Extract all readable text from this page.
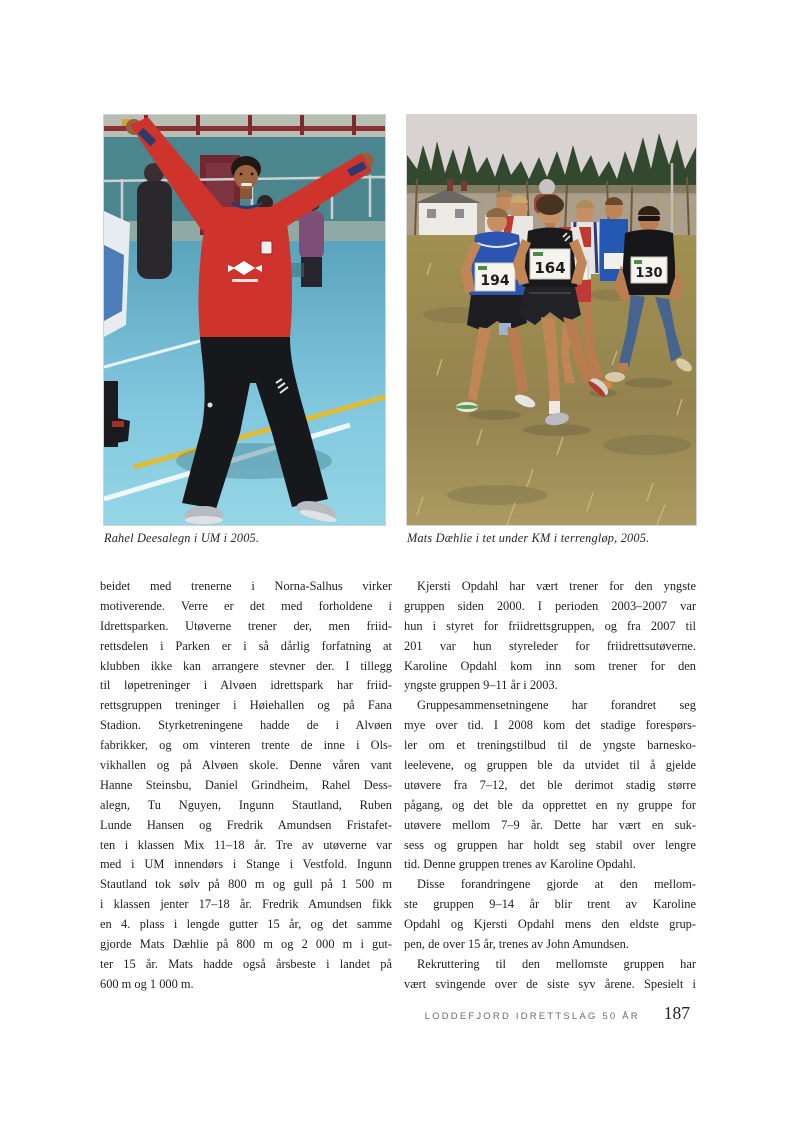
194	130
164
Rahel Deesalegn i UM i 2005.	Mats Dæhlie i tet under KM i terrengløp, 2005.
beidet med trenerne i Norna-Salhus virker
motiverende. Verre er det med forholdene i
Idrettsparken. Utøverne trener der, men friid-
rettsdelen i Parken er i så dårlig forfatning at
klubben ikke kan arrangere stevner der. I tillegg
til løpetreninger i Alvøen idrettspark har friid-
rettsgruppen treninger i Høiehallen og på Fana
Stadion. Styrketreningene hadde de i Alvøen
fabrikker, og om vinteren trente de inne i Ols-
vikhallen og på Alvøen skole. Denne våren vant
Hanne Steinsbu, Daniel Grindheim, Rahel Dess-
alegn, Tu Nguyen, Ingunn Stautland, Ruben
Lunde Hansen og Fredrik Amundsen Fristafet-
ten i klassen Mix 11–18 år. Tre av utøverne var
med i UM innendørs i Stange i Vestfold. Ingunn
Stautland tok sølv på 800 m og gull på 1 500 m
i klassen jenter 17–18 år. Fredrik Amundsen fikk
en 4. plass i lengde gutter 15 år, og det samme
gjorde Mats Dæhlie på 800 m og 2 000 m i gut-
ter 15 år. Mats hadde også årsbeste i landet på
600 m og 1 000 m.
Kjersti Opdahl har vært trener for den yngste
gruppen siden 2000. I perioden 2003–2007 var
hun i styret for friidrettsgruppen, og fra 2007 til
201 var hun styreleder for friidrettsutøverne.
Karoline Opdahl kom inn som trener for den
yngste gruppen 9–11 år i 2003.
Gruppesammensetningene har forandret seg
mye over tid. I 2008 kom det stadige forespørs-
ler om et treningstilbud til de yngste barnesko-
leelevene, og gruppen ble da utvidet til å gjelde
utøvere fra 7–12, det ble derimot stadig større
pågang, og det ble da opprettet en ny gruppe for
utøvere mellom 7–9 år. Dette har vært en suk-
sess og gruppen har holdt seg stabil over lengre
tid. Denne gruppen trenes av Karoline Opdahl.
Disse forandringene gjorde at den mellom-
ste gruppen 9–14 år blir trent av Karoline
Opdahl og Kjersti Opdahl mens den eldste grup-
pen, de over 15 år, trenes av John Amundsen.
Rekruttering til den mellomste gruppen har
vært svingende over de siste syv årene. Spesielt i
LODDEFJORD IDRETTSLAG 50 ÅR 187
